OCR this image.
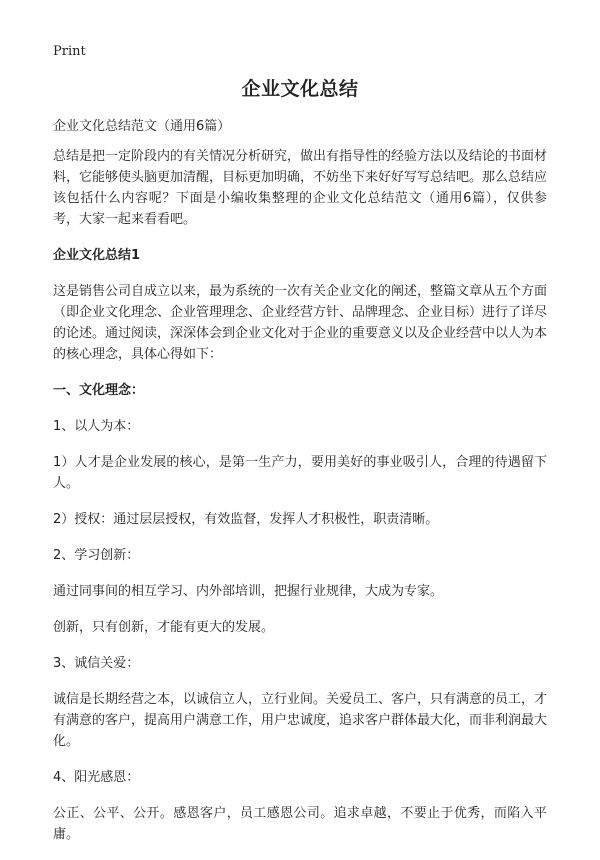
Print
企业文化总结

企业文化总结范文（通用6篇）

总结是把一定阶段内的有关情况分析研究，做出有指导性的经验方法以及结论的书面材料，它能够使头脑更加清醒，目标更加明确，不妨坐下来好好写写总结吧。那么总结应该包括什么内容呢？下面是小编收集整理的企业文化总结范文（通用6篇），仅供参考，大家一起来看看吧。

企业文化总结1

这是销售公司自成立以来，最为系统的一次有关企业文化的阐述，整篇文章从五个方面（即企业文化理念、企业管理理念、企业经营方针、品牌理念、企业目标）进行了详尽的论述。通过阅读，深深体会到企业文化对于企业的重要意义以及企业经营中以人为本的核心理念，具体心得如下：

一、文化理念：

1、以人为本：

1）人才是企业发展的核心，是第一生产力，要用美好的事业吸引人，合理的待遇留下人。

2）授权：通过层层授权，有效监督，发挥人才积极性，职责清晰。

2、学习创新：

通过同事间的相互学习、内外部培训，把握行业规律，大成为专家。

创新，只有创新，才能有更大的发展。

3、诚信关爱：

诚信是长期经营之本，以诚信立人，立行业间。关爱员工、客户，只有满意的员工，才有满意的客户，提高用户满意工作，用户忠诚度，追求客户群体最大化，而非利润最大化。

4、阳光感恩：

公正、公平、公开。感恩客户，员工感恩公司。追求卓越，不要止于优秀，而陷入平庸。
